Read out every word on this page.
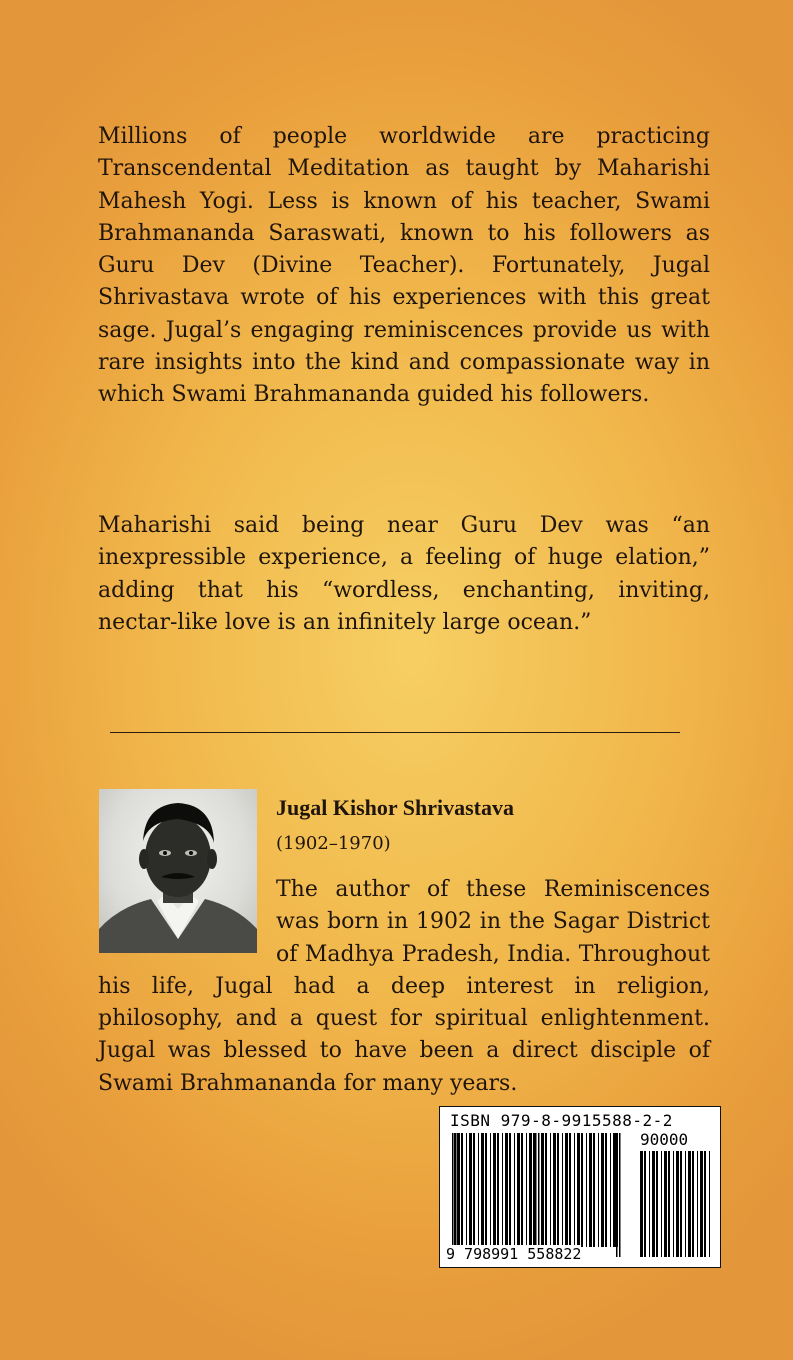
Millions of people worldwide are practicing Transcendental Meditation as taught by Maharishi Mahesh Yogi. Less is known of his teacher, Swami Brahmananda Saraswati, known to his followers as Guru Dev (Divine Teacher). Fortunately, Jugal Shrivastava wrote of his experiences with this great sage. Jugal’s engaging reminiscences provide us with rare insights into the kind and compassionate way in which Swami Brahmananda guided his followers.

Maharishi said being near Guru Dev was “an inexpressible experience, a feeling of huge elation,” adding that his “wordless, enchanting, inviting, nectar-like love is an infinitely large ocean.”

Jugal Kishor Shrivastava

(1902–1970)

The author of these Reminiscences was born in 1902 in the Sagar District of Madhya Pradesh, India. Throughout his life, Jugal had a deep interest in religion, philosophy, and a quest for spiritual enlightenment. Jugal was blessed to have been a direct disciple of Swami Brahmananda for many years.

ISBN 979-8-9915588-2-2

90000

9 798991 558822
